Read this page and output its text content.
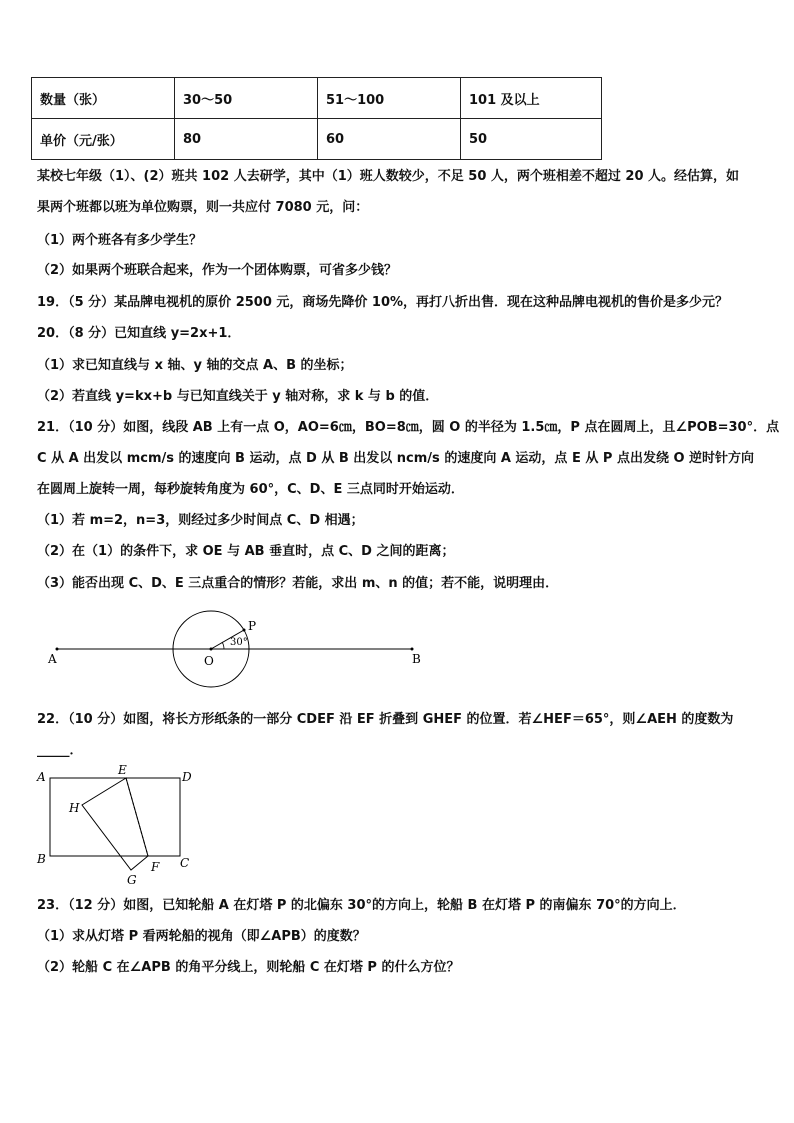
数量（张）	30～50	51～100	101 及以上
单价（元/张）	80	60	50
某校七年级（1）、(2）班共 102 人去研学，其中（1）班人数较少，不足 50 人，两个班相差不超过 20 人。经估算，如
果两个班都以班为单位购票，则一共应付 7080 元，问：
（1）两个班各有多少学生？
（2）如果两个班联合起来，作为一个团体购票，可省多少钱？
19．（5 分）某品牌电视机的原价 2500 元，商场先降价 10%，再打八折出售．现在这种品牌电视机的售价是多少元？
20．（8 分）已知直线 y=2x+1．
（1）求已知直线与 x 轴、y 轴的交点 A、B 的坐标；
（2）若直线 y=kx+b 与已知直线关于 y 轴对称，求 k 与 b 的值．
21．（10 分）如图，线段 AB 上有一点 O，AO=6㎝，BO=8㎝，圆 O 的半径为 1.5㎝，P 点在圆周上，且∠POB=30°．点
C 从 A 出发以 mcm/s 的速度向 B 运动，点 D 从 B 出发以 ncm/s 的速度向 A 运动，点 E 从 P 点出发绕 O 逆时针方向
在圆周上旋转一周，每秒旋转角度为 60°，C、D、E 三点同时开始运动．
（1）若 m=2，n=3，则经过多少时间点 C、D 相遇；
（2）在（1）的条件下，求 OE 与 AB 垂直时，点 C、D 之间的距离；
（3）能否出现 C、D、E 三点重合的情形？若能，求出 m、n 的值；若不能，说明理由．
A	B
O
P
30°
22．（10 分）如图，将长方形纸条的一部分 CDEF 沿 EF 折叠到 GHEF 的位置．若∠HEF＝65°，则∠AEH 的度数为
_____．
A	E	D
H
B
F C
G
23．（12 分）如图，已知轮船 A 在灯塔 P 的北偏东 30°的方向上，轮船 B 在灯塔 P 的南偏东 70°的方向上．
（1）求从灯塔 P 看两轮船的视角（即∠APB）的度数？
（2）轮船 C 在∠APB 的角平分线上，则轮船 C 在灯塔 P 的什么方位？
